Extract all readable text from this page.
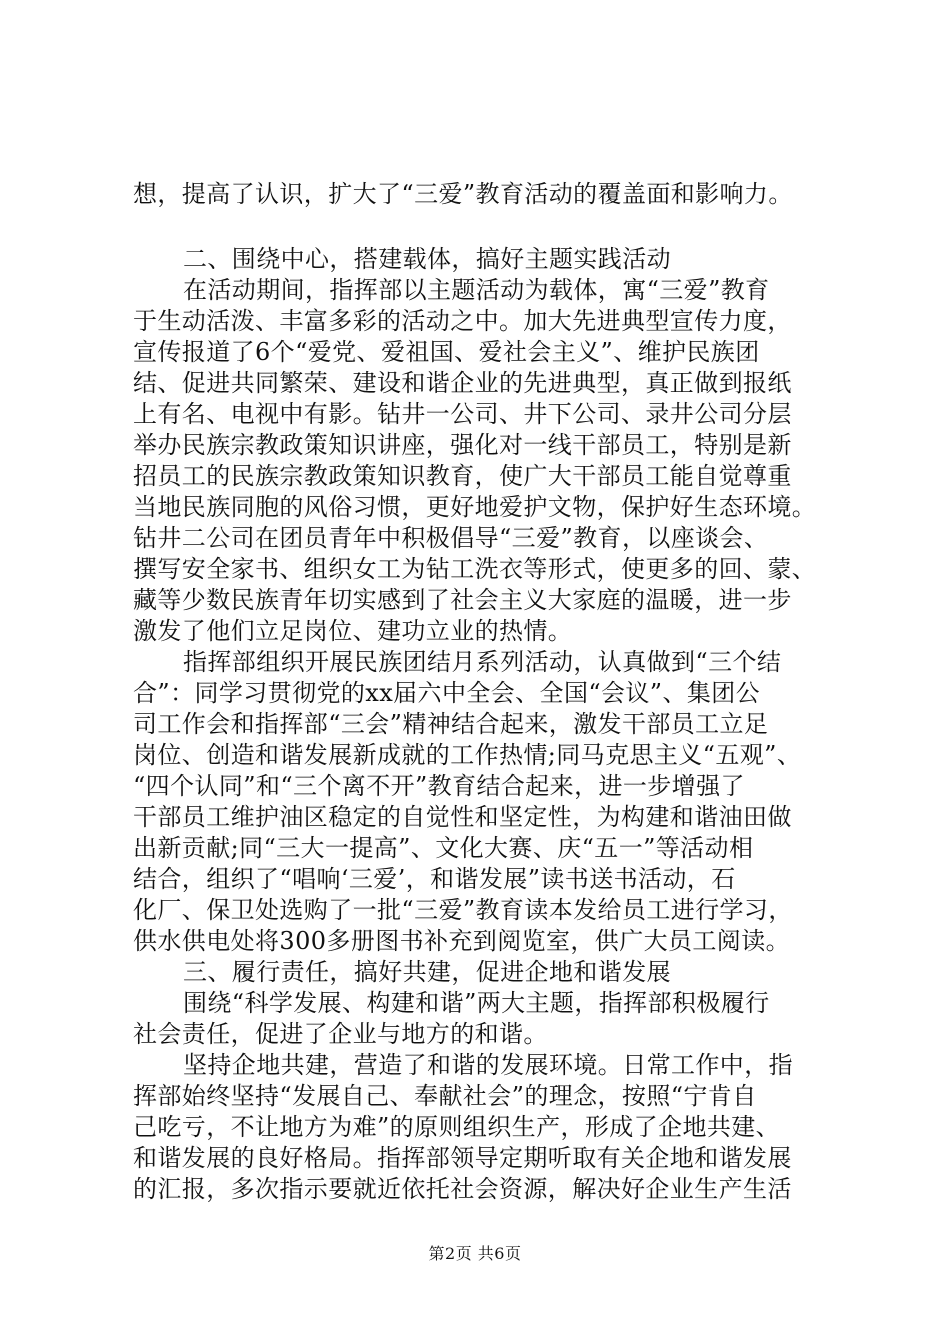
想，提高了认识，扩大了“三爱”教育活动的覆盖面和影响力。
二、围绕中心，搭建载体，搞好主题实践活动
在活动期间，指挥部以主题活动为载体，寓“三爱”教育
于生动活泼、丰富多彩的活动之中。加大先进典型宣传力度，
宣传报道了6个“爱党、爱祖国、爱社会主义”、维护民族团
结、促进共同繁荣、建设和谐企业的先进典型，真正做到报纸
上有名、电视中有影。钻井一公司、井下公司、录井公司分层
举办民族宗教政策知识讲座，强化对一线干部员工，特别是新
招员工的民族宗教政策知识教育，使广大干部员工能自觉尊重
当地民族同胞的风俗习惯，更好地爱护文物，保护好生态环境。
钻井二公司在团员青年中积极倡导“三爱”教育，以座谈会、
撰写安全家书、组织女工为钻工洗衣等形式，使更多的回、蒙、
藏等少数民族青年切实感到了社会主义大家庭的温暖，进一步
激发了他们立足岗位、建功立业的热情。
指挥部组织开展民族团结月系列活动，认真做到“三个结
合”：同学习贯彻党的xx届六中全会、全国“会议”、集团公
司工作会和指挥部“三会”精神结合起来，激发干部员工立足
岗位、创造和谐发展新成就的工作热情;同马克思主义“五观”、
“四个认同”和“三个离不开”教育结合起来，进一步增强了
干部员工维护油区稳定的自觉性和坚定性，为构建和谐油田做
出新贡献;同“三大一提高”、文化大赛、庆“五一”等活动相
结合，组织了“唱响‘三爱’，和谐发展”读书送书活动，石
化厂、保卫处选购了一批“三爱”教育读本发给员工进行学习，
供水供电处将300多册图书补充到阅览室，供广大员工阅读。
三、履行责任，搞好共建，促进企地和谐发展
围绕“科学发展、构建和谐”两大主题，指挥部积极履行
社会责任，促进了企业与地方的和谐。
坚持企地共建，营造了和谐的发展环境。日常工作中，指
挥部始终坚持“发展自己、奉献社会”的理念，按照“宁肯自
己吃亏，不让地方为难”的原则组织生产，形成了企地共建、
和谐发展的良好格局。指挥部领导定期听取有关企地和谐发展
的汇报，多次指示要就近依托社会资源，解决好企业生产生活
第2页 共6页
